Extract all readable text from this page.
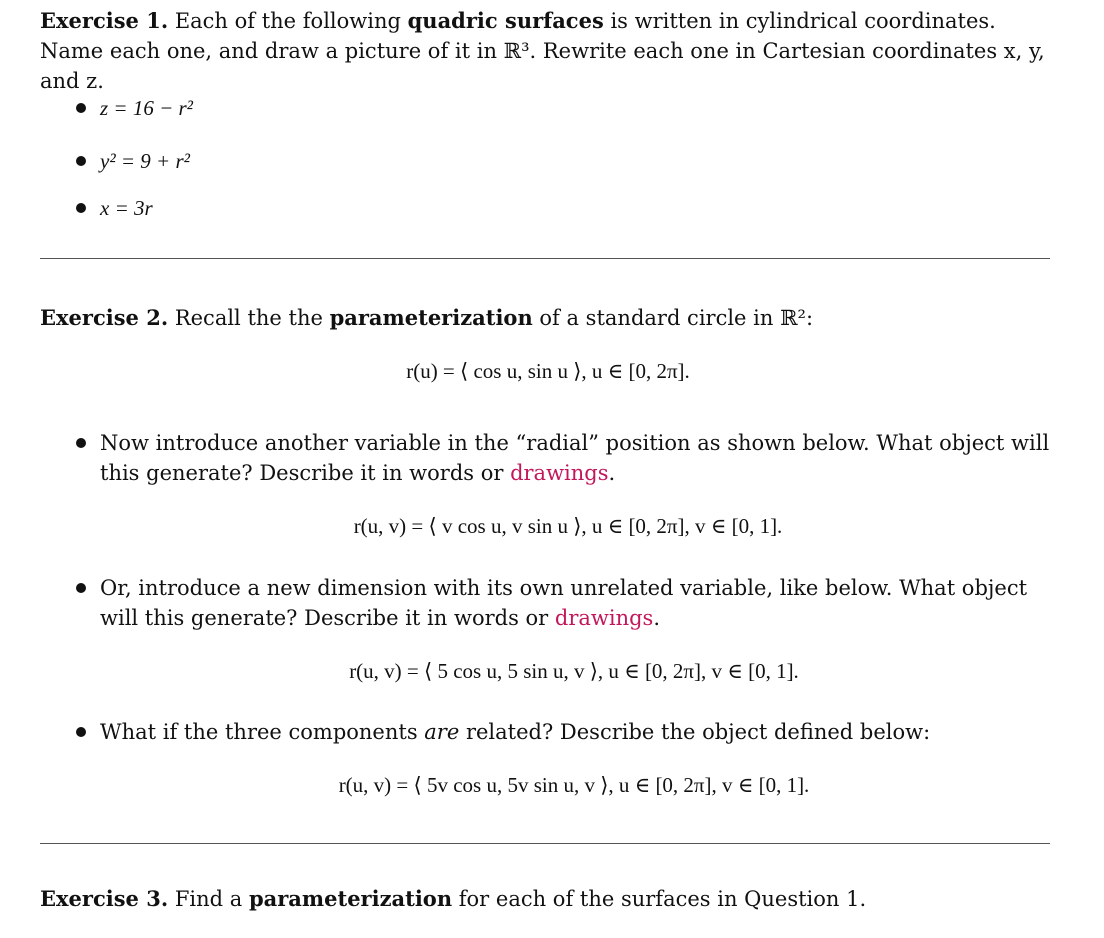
Exercise 1. Each of the following quadric surfaces is written in cylindrical coordinates. Name each one, and draw a picture of it in ℝ³. Rewrite each one in Cartesian coordinates x, y, and z.
z = 16 − r²
y² = 9 + r²
x = 3r
Exercise 2. Recall the the parameterization of a standard circle in ℝ²:
r(u) = ⟨ cos u, sin u ⟩, u ∈ [0, 2π].
Now introduce another variable in the “radial” position as shown below. What object will this generate? Describe it in words or drawings.
r(u, v) = ⟨ v cos u, v sin u ⟩, u ∈ [0, 2π], v ∈ [0, 1].
Or, introduce a new dimension with its own unrelated variable, like below. What object will this generate? Describe it in words or drawings.
r(u, v) = ⟨ 5 cos u, 5 sin u, v ⟩, u ∈ [0, 2π], v ∈ [0, 1].
What if the three components are related? Describe the object defined below:
r(u, v) = ⟨ 5v cos u, 5v sin u, v ⟩, u ∈ [0, 2π], v ∈ [0, 1].
Exercise 3. Find a parameterization for each of the surfaces in Question 1.
